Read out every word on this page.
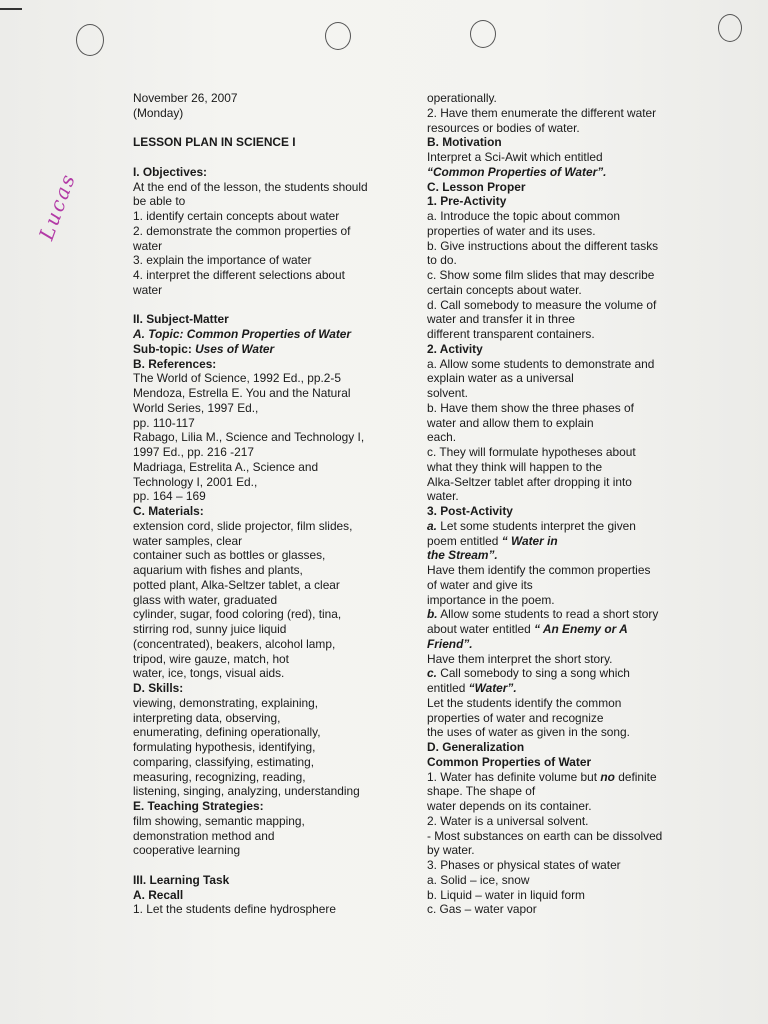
Lucas
November 26, 2007
(Monday)
LESSON PLAN IN SCIENCE I
I. Objectives:
At the end of the lesson, the students should
be able to
1. identify certain concepts about water
2. demonstrate the common properties of
water
3. explain the importance of water
4. interpret the different selections about
water
II. Subject-Matter
A. Topic: Common Properties of Water
Sub-topic: Uses of Water
B. References:
The World of Science, 1992 Ed., pp.2-5
Mendoza, Estrella E. You and the Natural
World Series, 1997 Ed.,
pp. 110-117
Rabago, Lilia M., Science and Technology I,
1997 Ed., pp. 216 -217
Madriaga, Estrelita A., Science and
Technology I, 2001 Ed.,
pp. 164 – 169
C. Materials:
extension cord, slide projector, film slides,
water samples, clear
container such as bottles or glasses,
aquarium with fishes and plants,
potted plant, Alka-Seltzer tablet, a clear
glass with water, graduated
cylinder, sugar, food coloring (red), tina,
stirring rod, sunny juice liquid
(concentrated), beakers, alcohol lamp,
tripod, wire gauze, match, hot
water, ice, tongs, visual aids.
D. Skills:
viewing, demonstrating, explaining,
interpreting data, observing,
enumerating, defining operationally,
formulating hypothesis, identifying,
comparing, classifying, estimating,
measuring, recognizing, reading,
listening, singing, analyzing, understanding
E. Teaching Strategies:
film showing, semantic mapping,
demonstration method and
cooperative learning
III. Learning Task
A. Recall
1. Let the students define hydrosphere
operationally.
2. Have them enumerate the different water
resources or bodies of water.
B. Motivation
Interpret a Sci-Awit which entitled
“Common Properties of Water”.
C. Lesson Proper
1. Pre-Activity
a. Introduce the topic about common
properties of water and its uses.
b. Give instructions about the different tasks
to do.
c. Show some film slides that may describe
certain concepts about water.
d. Call somebody to measure the volume of
water and transfer it in three
different transparent containers.
2. Activity
a. Allow some students to demonstrate and
explain water as a universal
solvent.
b. Have them show the three phases of
water and allow them to explain
each.
c. They will formulate hypotheses about
what they think will happen to the
Alka-Seltzer tablet after dropping it into
water.
3. Post-Activity
a. Let some students interpret the given
poem entitled “ Water in
the Stream”.
Have them identify the common properties
of water and give its
importance in the poem.
b. Allow some students to read a short story
about water entitled “ An Enemy or A
Friend”.
Have them interpret the short story.
c. Call somebody to sing a song which
entitled “Water”.
Let the students identify the common
properties of water and recognize
the uses of water as given in the song.
D. Generalization
Common Properties of Water
1. Water has definite volume but no definite
shape. The shape of
water depends on its container.
2. Water is a universal solvent.
- Most substances on earth can be dissolved
by water.
3. Phases or physical states of water
a. Solid – ice, snow
b. Liquid – water in liquid form
c. Gas – water vapor
